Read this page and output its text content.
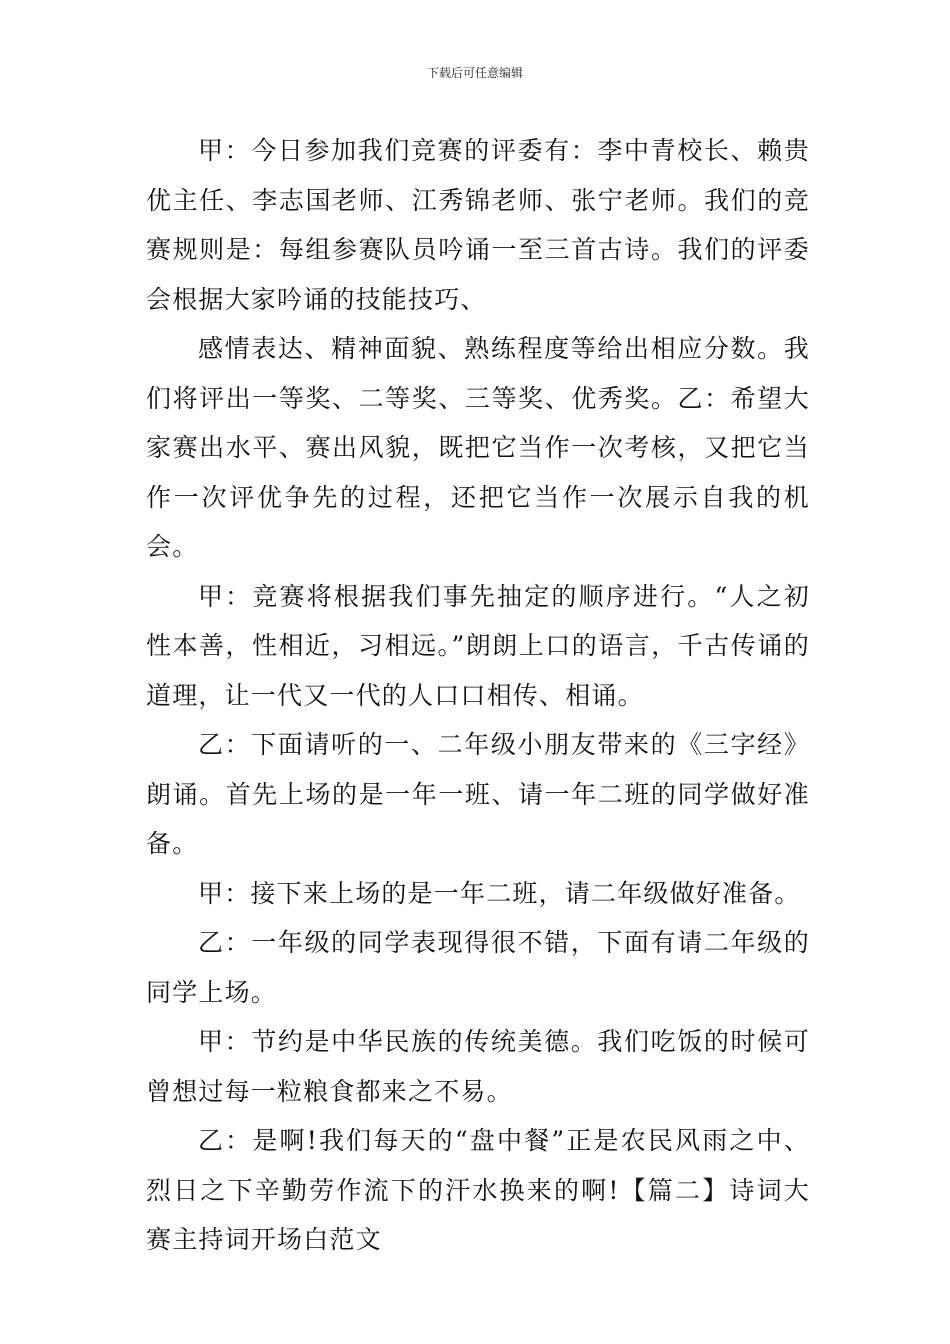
下载后可任意编辑

甲：今日参加我们竞赛的评委有：李中青校长、赖贵优主任、李志国老师、江秀锦老师、张宁老师。我们的竞赛规则是：每组参赛队员吟诵一至三首古诗。我们的评委会根据大家吟诵的技能技巧、

感情表达、精神面貌、熟练程度等给出相应分数。我们将评出一等奖、二等奖、三等奖、优秀奖。乙：希望大家赛出水平、赛出风貌，既把它当作一次考核，又把它当作一次评优争先的过程，还把它当作一次展示自我的机会。

甲：竞赛将根据我们事先抽定的顺序进行。“人之初性本善，性相近，习相远。”朗朗上口的语言，千古传诵的道理，让一代又一代的人口口相传、相诵。

乙：下面请听的一、二年级小朋友带来的《三字经》朗诵。首先上场的是一年一班、请一年二班的同学做好准备。

甲：接下来上场的是一年二班，请二年级做好准备。

乙：一年级的同学表现得很不错，下面有请二年级的同学上场。

甲：节约是中华民族的传统美德。我们吃饭的时候可曾想过每一粒粮食都来之不易。

乙：是啊!我们每天的“盘中餐”正是农民风雨之中、烈日之下辛勤劳作流下的汗水换来的啊!【篇二】诗词大赛主持词开场白范文
